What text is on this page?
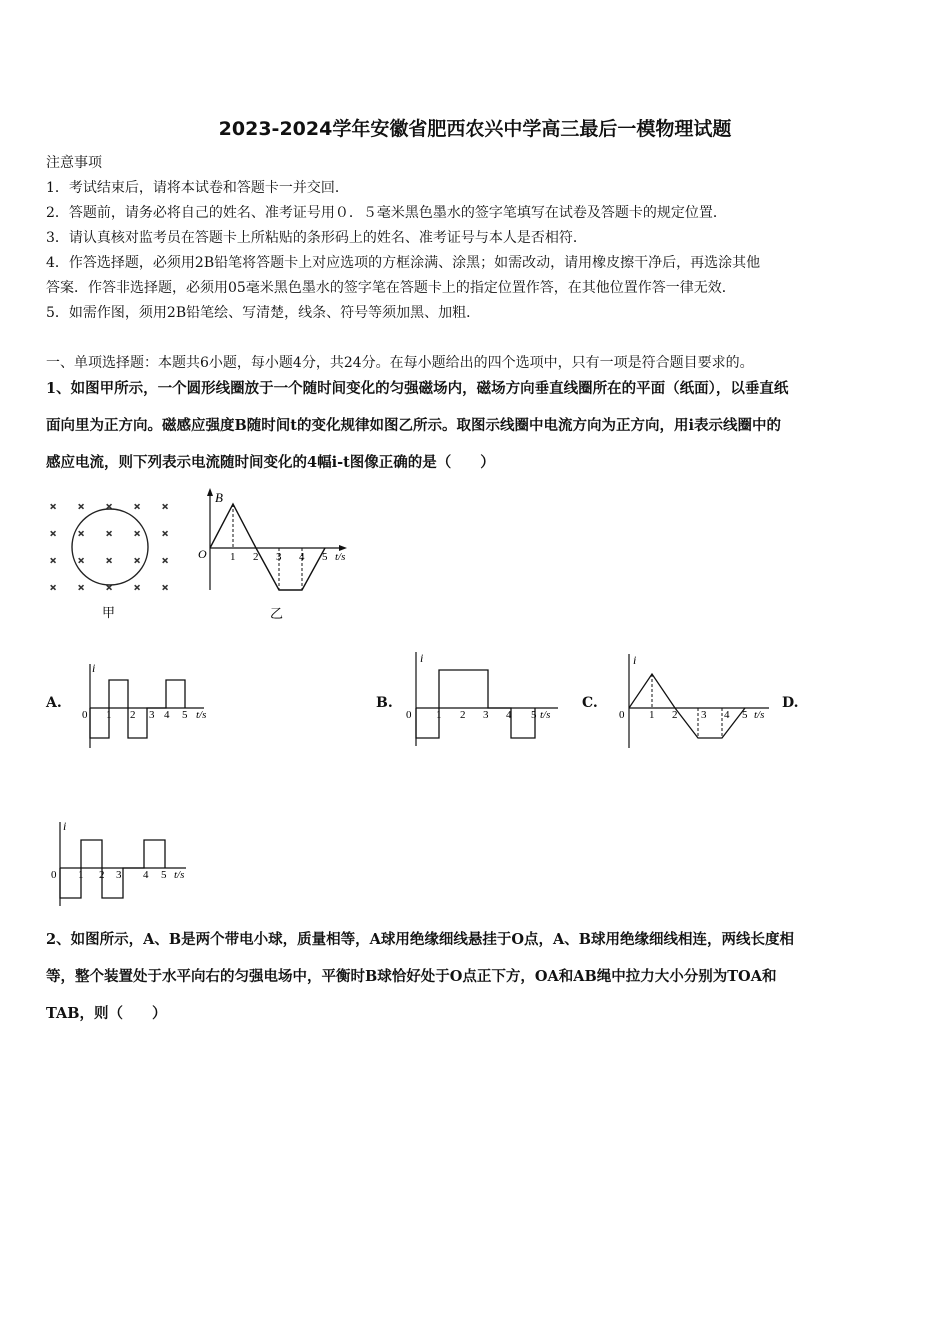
2023-2024学年安徽省肥西农兴中学高三最后一模物理试题
注意事项
1．考试结束后，请将本试卷和答题卡一并交回．
2．答题前，请务必将自己的姓名、准考证号用０．５毫米黑色墨水的签字笔填写在试卷及答题卡的规定位置．
3．请认真核对监考员在答题卡上所粘贴的条形码上的姓名、准考证号与本人是否相符．
4．作答选择题，必须用2B铅笔将答题卡上对应选项的方框涂满、涂黑；如需改动，请用橡皮擦干净后，再选涂其他
答案．作答非选择题，必须用05毫米黑色墨水的签字笔在答题卡上的指定位置作答，在其他位置作答一律无效．
5．如需作图，须用2B铅笔绘、写清楚，线条、符号等须加黑、加粗．
一、单项选择题：本题共6小题，每小题4分，共24分。在每小题给出的四个选项中，只有一项是符合题目要求的。
1、如图甲所示，一个圆形线圈放于一个随时间变化的匀强磁场内，磁场方向垂直线圈所在的平面（纸面），以垂直纸
面向里为正方向。磁感应强度B随时间t的变化规律如图乙所示。取图示线圈中电流方向为正方向，用i表示线圈中的
感应电流，则下列表示电流随时间变化的4幅i-t图像正确的是（　　）
× × × × ×
× × × × ×
× × × × ×
× × × × ×
甲
B
O 1 2 3 4 5 t/s
乙
A.	B.	C.	D.
i
0 1 2 3 4 5 t/s
i
0 1 2 3 4 5 t/s
i
0 1 2 3 4 5 t/s
i
0 1 2 3 4 5 t/s
2、如图所示，A、B是两个带电小球，质量相等，A球用绝缘细线悬挂于O点，A、B球用绝缘细线相连，两线长度相
等，整个装置处于水平向右的匀强电场中，平衡时B球恰好处于O点正下方，OA和AB绳中拉力大小分别为TOA和
TAB，则（　　）
